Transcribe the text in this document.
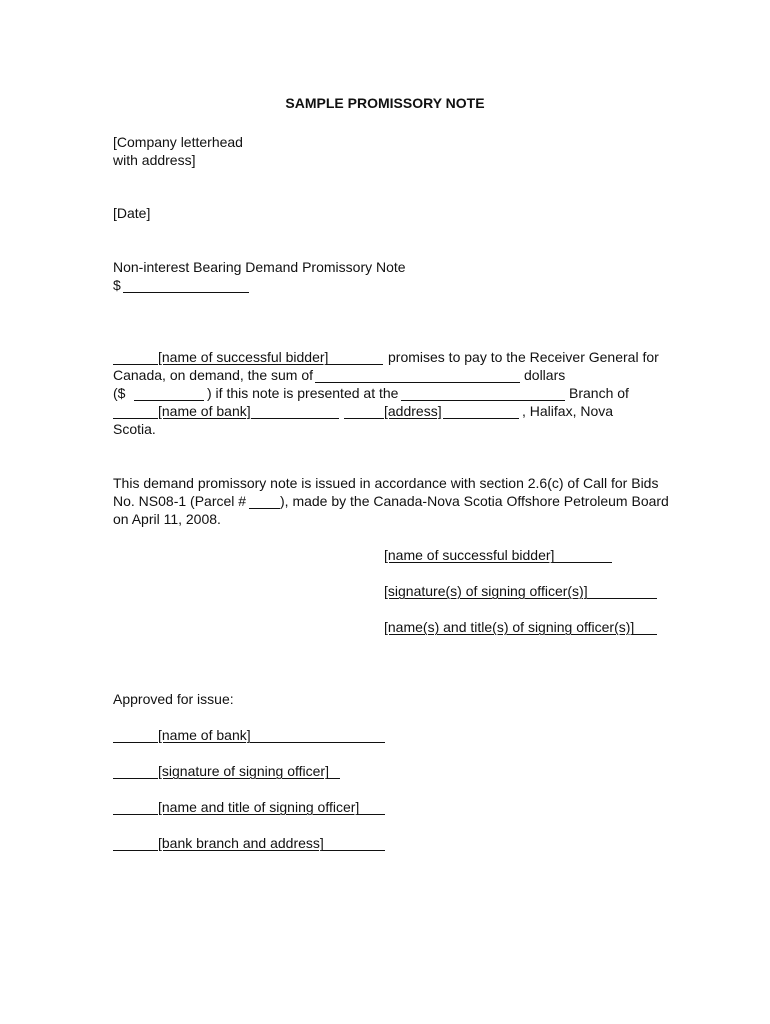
SAMPLE PROMISSORY NOTE
[Company letterhead
with address]
[Date]
Non-interest Bearing Demand Promissory Note
$
[name of successful bidder]	promises to pay to the Receiver General for
Canada, on demand, the sum of	dollars
($	) if this note is presented at the	Branch of
[name of bank]	[address]	, Halifax, Nova
Scotia.
This demand promissory note is issued in accordance with section 2.6(c) of Call for Bids
No. NS08-1 (Parcel # ), made by the Canada-Nova Scotia Offshore Petroleum Board
on April 11, 2008.
[name of successful bidder]
[signature(s) of signing officer(s)]
[name(s) and title(s) of signing officer(s)]
Approved for issue:
[name of bank]
[signature of signing officer]
[name and title of signing officer]
[bank branch and address]
